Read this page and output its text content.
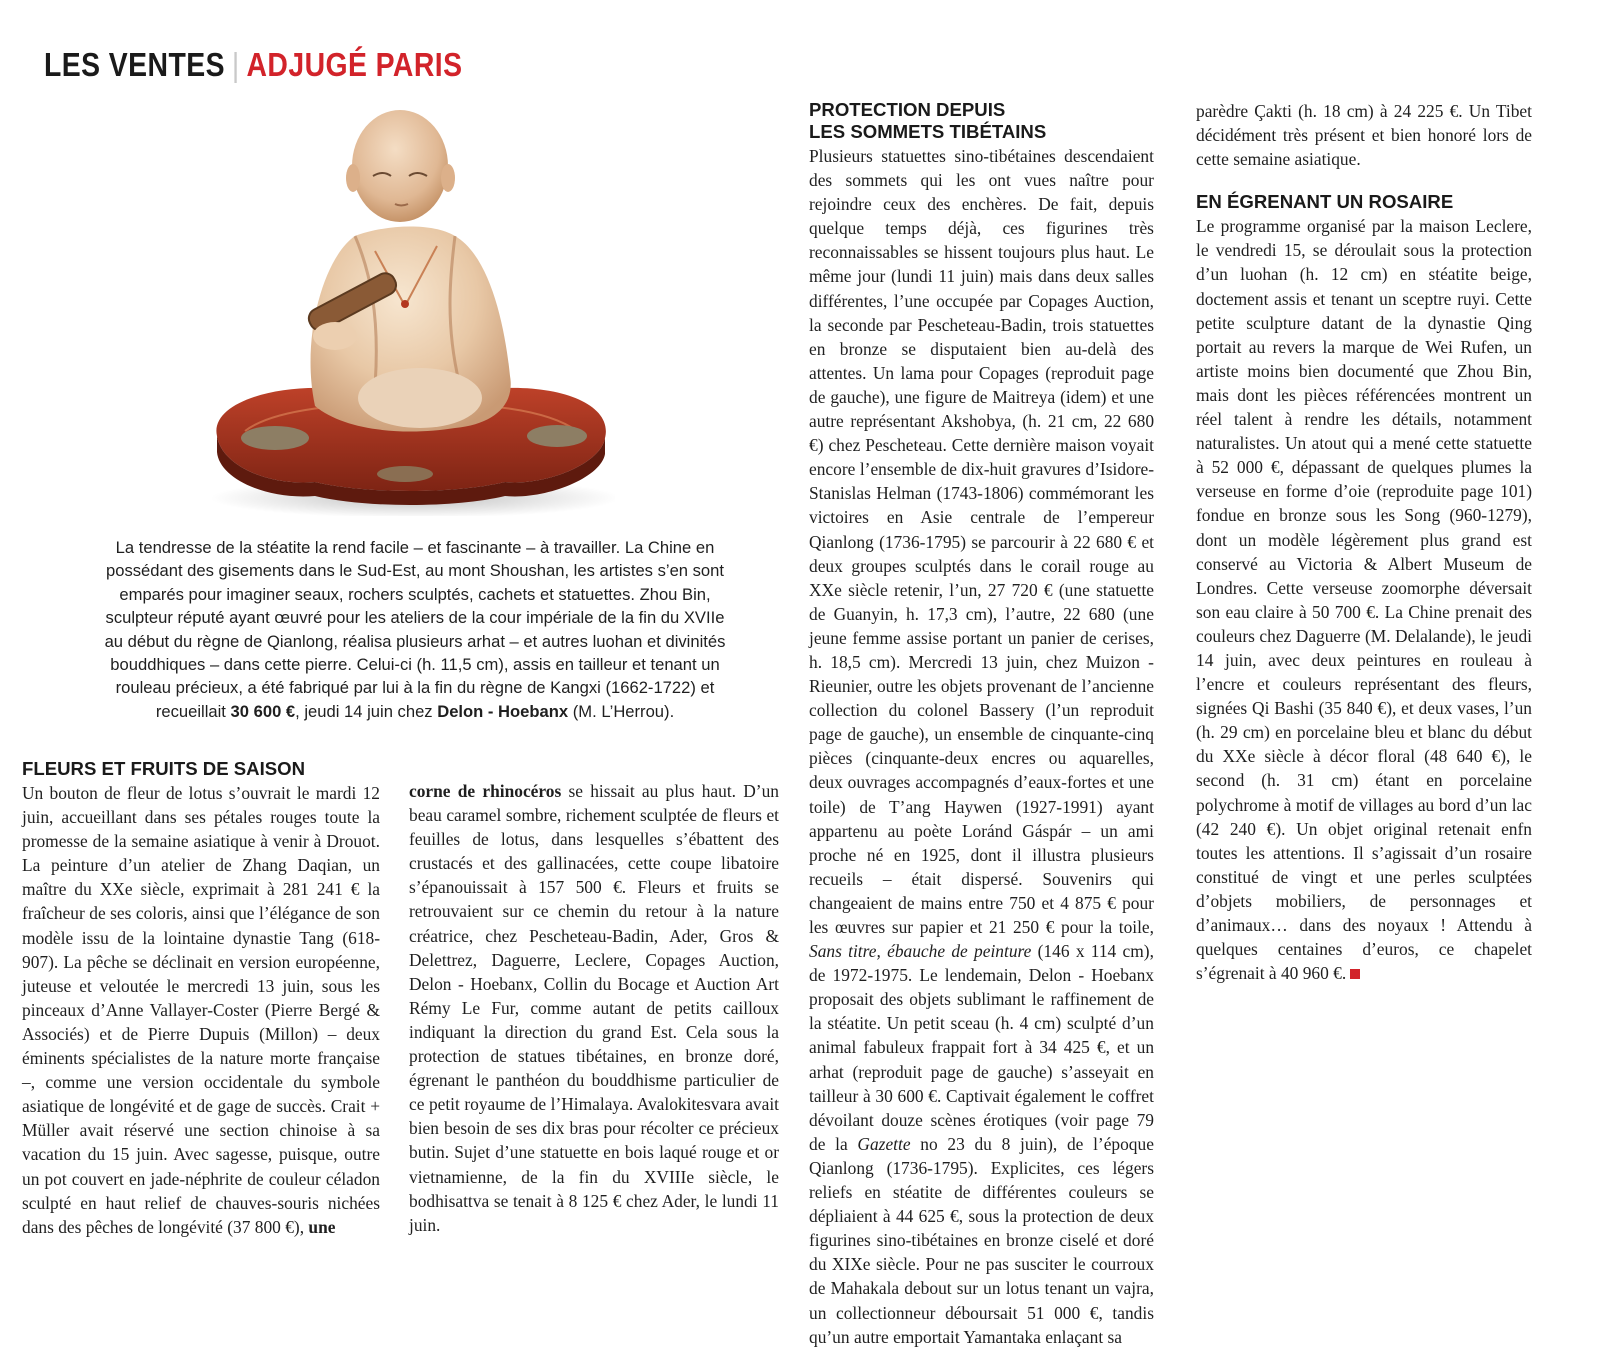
LES VENTES | ADJUGÉ PARIS
La tendresse de la stéatite la rend facile – et fascinante – à travailler. La Chine en possédant des gisements dans le Sud-Est, au mont Shoushan, les artistes s’en sont emparés pour imaginer seaux, rochers sculptés, cachets et statuettes. Zhou Bin, sculpteur réputé ayant œuvré pour les ateliers de la cour impériale de la fin du XVIIe au début du règne de Qianlong, réalisa plusieurs arhat – et autres luohan et divinités bouddhiques – dans cette pierre. Celui-ci (h. 11,5 cm), assis en tailleur et tenant un rouleau précieux, a été fabriqué par lui à la fin du règne de Kangxi (1662-1722) et recueillait 30 600 €, jeudi 14 juin chez Delon - Hoebanx (M. L’Herrou).
FLEURS ET FRUITS DE SAISON

Un bouton de fleur de lotus s’ouvrait le mardi 12 juin, accueillant dans ses pétales rouges toute la promesse de la semaine asiatique à venir à Drouot. La peinture d’un atelier de Zhang Daqian, un maître du XXe siècle, exprimait à 281 241 € la fraîcheur de ses coloris, ainsi que l’élégance de son modèle issu de la lointaine dynastie Tang (618-907). La pêche se déclinait en version européenne, juteuse et veloutée le mercredi 13 juin, sous les pinceaux d’Anne Vallayer-Coster (Pierre Bergé & Associés) et de Pierre Dupuis (Millon) – deux éminents spécialistes de la nature morte française –, comme une version occidentale du symbole asiatique de longévité et de gage de succès. Crait + Müller avait réservé une section chinoise à sa vacation du 15 juin. Avec sagesse, puisque, outre un pot couvert en jade-néphrite de couleur céladon sculpté en haut relief de chauves-souris nichées dans des pêches de longévité (37 800 €), une

corne de rhinocéros se hissait au plus haut. D’un beau caramel sombre, richement sculptée de fleurs et feuilles de lotus, dans lesquelles s’ébattent des crustacés et des gallinacées, cette coupe libatoire s’épanouissait à 157 500 €. Fleurs et fruits se retrouvaient sur ce chemin du retour à la nature créatrice, chez Pescheteau-Badin, Ader, Gros & Delettrez, Daguerre, Leclere, Copages Auction, Delon - Hoebanx, Collin du Bocage et Auction Art Rémy Le Fur, comme autant de petits cailloux indiquant la direction du grand Est. Cela sous la protection de statues tibétaines, en bronze doré, égrenant le panthéon du bouddhisme particulier de ce petit royaume de l’Himalaya. Avalokitesvara avait bien besoin de ses dix bras pour récolter ce précieux butin. Sujet d’une statuette en bois laqué rouge et or vietnamienne, de la fin du XVIIIe siècle, le bodhisattva se tenait à 8 125 € chez Ader, le lundi 11 juin.

PROTECTION DEPUIS
LES SOMMETS TIBÉTAINS

Plusieurs statuettes sino-tibétaines descendaient des sommets qui les ont vues naître pour rejoindre ceux des enchères. De fait, depuis quelque temps déjà, ces figurines très reconnaissables se hissent toujours plus haut. Le même jour (lundi 11 juin) mais dans deux salles différentes, l’une occupée par Copages Auction, la seconde par Pescheteau-Badin, trois statuettes en bronze se disputaient bien au-delà des attentes. Un lama pour Copages (reproduit page de gauche), une figure de Maitreya (idem) et une autre représentant Akshobya, (h. 21 cm, 22 680 €) chez Pescheteau. Cette dernière maison voyait encore l’ensemble de dix-huit gravures d’Isidore-Stanislas Helman (1743-1806) commémorant les victoires en Asie centrale de l’empereur Qianlong (1736-1795) se parcourir à 22 680 € et deux groupes sculptés dans le corail rouge au XXe siècle retenir, l’un, 27 720 € (une statuette de Guanyin, h. 17,3 cm), l’autre, 22 680 (une jeune femme assise portant un panier de cerises, h. 18,5 cm). Mercredi 13 juin, chez Muizon - Rieunier, outre les objets provenant de l’ancienne collection du colonel Bassery (l’un reproduit page de gauche), un ensemble de cinquante-cinq pièces (cinquante-deux encres ou aquarelles, deux ouvrages accompagnés d’eaux-fortes et une toile) de T’ang Haywen (1927-1991) ayant appartenu au poète Loránd Gáspár – un ami proche né en 1925, dont il illustra plusieurs recueils – était dispersé. Souvenirs qui changeaient de mains entre 750 et 4 875 € pour les œuvres sur papier et 21 250 € pour la toile, Sans titre, ébauche de peinture (146 x 114 cm), de 1972-1975. Le lendemain, Delon - Hoebanx proposait des objets sublimant le raffinement de la stéatite. Un petit sceau (h. 4 cm) sculpté d’un animal fabuleux frappait fort à 34 425 €, et un arhat (reproduit page de gauche) s’asseyait en tailleur à 30 600 €. Captivait également le coffret dévoilant douze scènes érotiques (voir page 79 de la Gazette no 23 du 8 juin), de l’époque Qianlong (1736-1795). Explicites, ces légers reliefs en stéatite de différentes couleurs se dépliaient à 44 625 €, sous la protection de deux figurines sino-tibétaines en bronze ciselé et doré du XIXe siècle. Pour ne pas susciter le courroux de Mahakala debout sur un lotus tenant un vajra, un collectionneur déboursait 51 000 €, tandis qu’un autre emportait Yamantaka enlaçant sa

parèdre Çakti (h. 18 cm) à 24 225 €. Un Tibet décidément très présent et bien honoré lors de cette semaine asiatique.

EN ÉGRENANT UN ROSAIRE

Le programme organisé par la maison Leclere, le vendredi 15, se déroulait sous la protection d’un luohan (h. 12 cm) en stéatite beige, doctement assis et tenant un sceptre ruyi. Cette petite sculpture datant de la dynastie Qing portait au revers la marque de Wei Rufen, un artiste moins bien documenté que Zhou Bin, mais dont les pièces référencées montrent un réel talent à rendre les détails, notamment naturalistes. Un atout qui a mené cette statuette à 52 000 €, dépassant de quelques plumes la verseuse en forme d’oie (reproduite page 101) fondue en bronze sous les Song (960-1279), dont un modèle légèrement plus grand est conservé au Victoria & Albert Museum de Londres. Cette verseuse zoomorphe déversait son eau claire à 50 700 €. La Chine prenait des couleurs chez Daguerre (M. Delalande), le jeudi 14 juin, avec deux peintures en rouleau à l’encre et couleurs représentant des fleurs, signées Qi Bashi (35 840 €), et deux vases, l’un (h. 29 cm) en porcelaine bleu et blanc du début du XXe siècle à décor floral (48 640 €), le second (h. 31 cm) étant en porcelaine polychrome à motif de villages au bord d’un lac (42 240 €). Un objet original retenait enfn toutes les attentions. Il s’agissait d’un rosaire constitué de vingt et une perles sculptées d’objets mobiliers, de personnages et d’animaux… dans des noyaux ! Attendu à quelques centaines d’euros, ce chapelet s’égrenait à 40 960 €.
